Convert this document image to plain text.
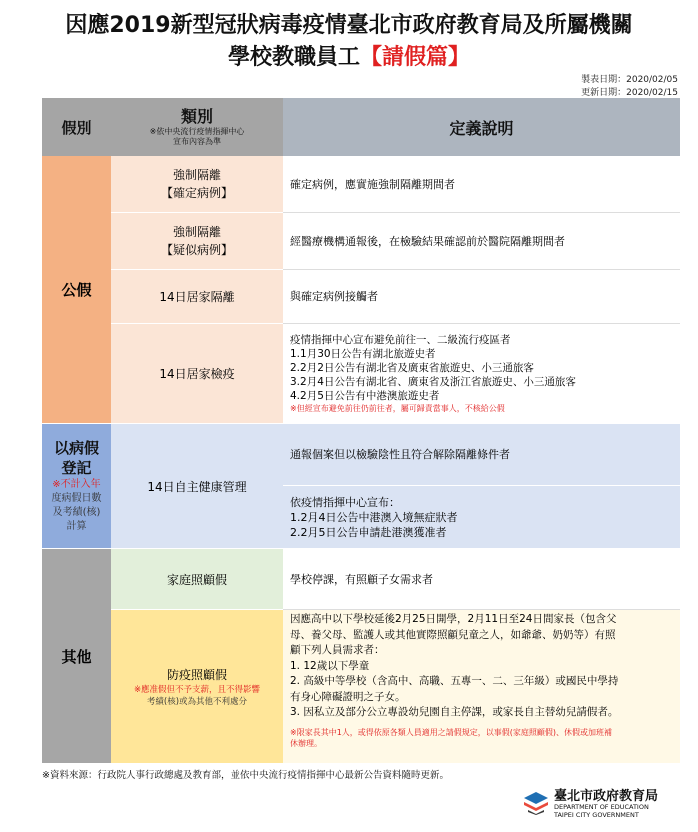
因應2019新型冠狀病毒疫情臺北市政府教育局及所屬機關
學校教職員工【請假篇】
製表日期：2020/02/05
更新日期：2020/02/15
假別
類別
※依中央流行疫情指揮中心
宣布內容為準
定義說明
公假
強制隔離
【確定病例】
確定病例，應實施強制隔離期間者
強制隔離
【疑似病例】
經醫療機構通報後，在檢驗結果確認前於醫院隔離期間者
14日居家隔離	與確定病例接觸者
14日居家檢疫
疫情指揮中心宣布避免前往一、二級流行疫區者
1.1月30日公告有湖北旅遊史者
2.2月2日公告有湖北省及廣東省旅遊史、小三通旅客
3.2月4日公告有湖北省、廣東省及浙江省旅遊史、小三通旅客
4.2月5日公告有中港澳旅遊史者
※但經宣布避免前往仍前往者，屬可歸責當事人，不核給公假
以病假
登記
※不計入年
度病假日數
及考績(核)
計算
14日自主健康管理
通報個案但以檢驗陰性且符合解除隔離條件者
依疫情指揮中心宣布：
1.2月4日公告中港澳入境無症狀者
2.2月5日公告申請赴港澳獲准者
其他
家庭照顧假	學校停課，有照顧子女需求者
防疫照顧假
※應准假但不予支薪，且不得影響
考績(核)或為其他不利處分
因應高中以下學校延後2月25日開學，2月11日至24日間家長（包含父
母、養父母、監護人或其他實際照顧兒童之人，如爺爺、奶奶等）有照
顧下列人員需求者：
1. 12歲以下學童
2. 高級中等學校（含高中、高職、五專一、二、三年級）或國民中學持
有身心障礙證明之子女。
3. 因私立及部分公立專設幼兒園自主停課，或家長自主替幼兒請假者。
※限家長其中1人，或得依原各類人員適用之請假規定，以事假(家庭照顧假)、休假或加班補
休辦理。
※資料來源：行政院人事行政總處及教育部，並依中央流行疫情指揮中心最新公告資料隨時更新。
臺北市政府教育局
DEPARTMENT OF EDUCATION
TAIPEI CITY GOVERNMENT
